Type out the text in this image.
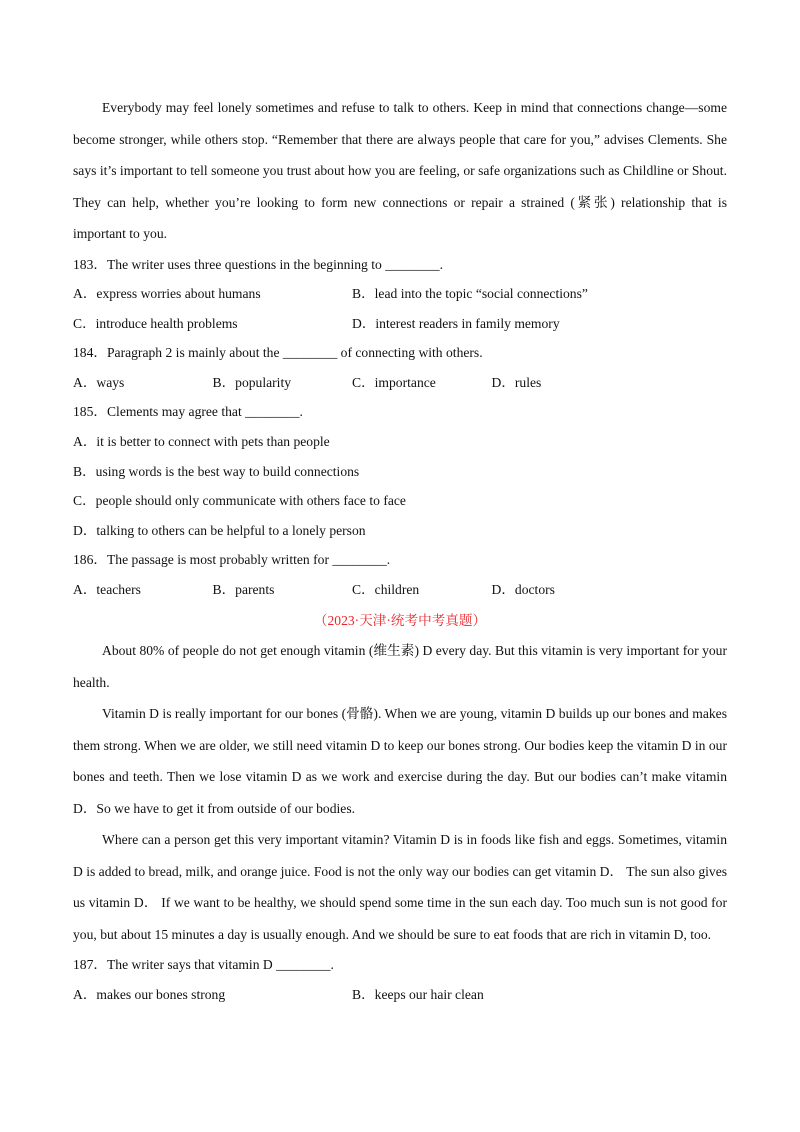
Everybody may feel lonely sometimes and refuse to talk to others. Keep in mind that connections change—some become stronger, while others stop. “Remember that there are always people that care for you,” advises Clements. She says it’s important to tell someone you trust about how you are feeling, or safe organizations such as Childline or Shout. They can help, whether you’re looking to form new connections or repair a strained (紧张) relationship that is important to you.

183．The writer uses three questions in the beginning to ________.

A．express worries about humans	B．lead into the topic “social connections”
C．introduce health problems	D．interest readers in family memory

184．Paragraph 2 is mainly about the ________ of connecting with others.

A．ways	B．popularity	C．importance	D．rules

185．Clements may agree that ________.

A．it is better to connect with pets than people
B．using words is the best way to build connections
C．people should only communicate with others face to face
D．talking to others can be helpful to a lonely person

186．The passage is most probably written for ________.

A．teachers	B．parents	C．children	D．doctors
（2023·天津·统考中考真题）

About 80% of people do not get enough vitamin (维生素) D every day. But this vitamin is very important for your health.

Vitamin D is really important for our bones (骨骼). When we are young, vitamin D builds up our bones and makes them strong. When we are older, we still need vitamin D to keep our bones strong. Our bodies keep the vitamin D in our bones and teeth. Then we lose vitamin D as we work and exercise during the day. But our bodies can’t make vitamin D．So we have to get it from outside of our bodies.

Where can a person get this very important vitamin? Vitamin D is in foods like fish and eggs. Sometimes, vitamin D is added to bread, milk, and orange juice. Food is not the only way our bodies can get vitamin D． The sun also gives us vitamin D． If we want to be healthy, we should spend some time in the sun each day. Too much sun is not good for you, but about 15 minutes a day is usually enough. And we should be sure to eat foods that are rich in vitamin D, too.

187．The writer says that vitamin D ________.

A．makes our bones strong	B．keeps our hair clean
